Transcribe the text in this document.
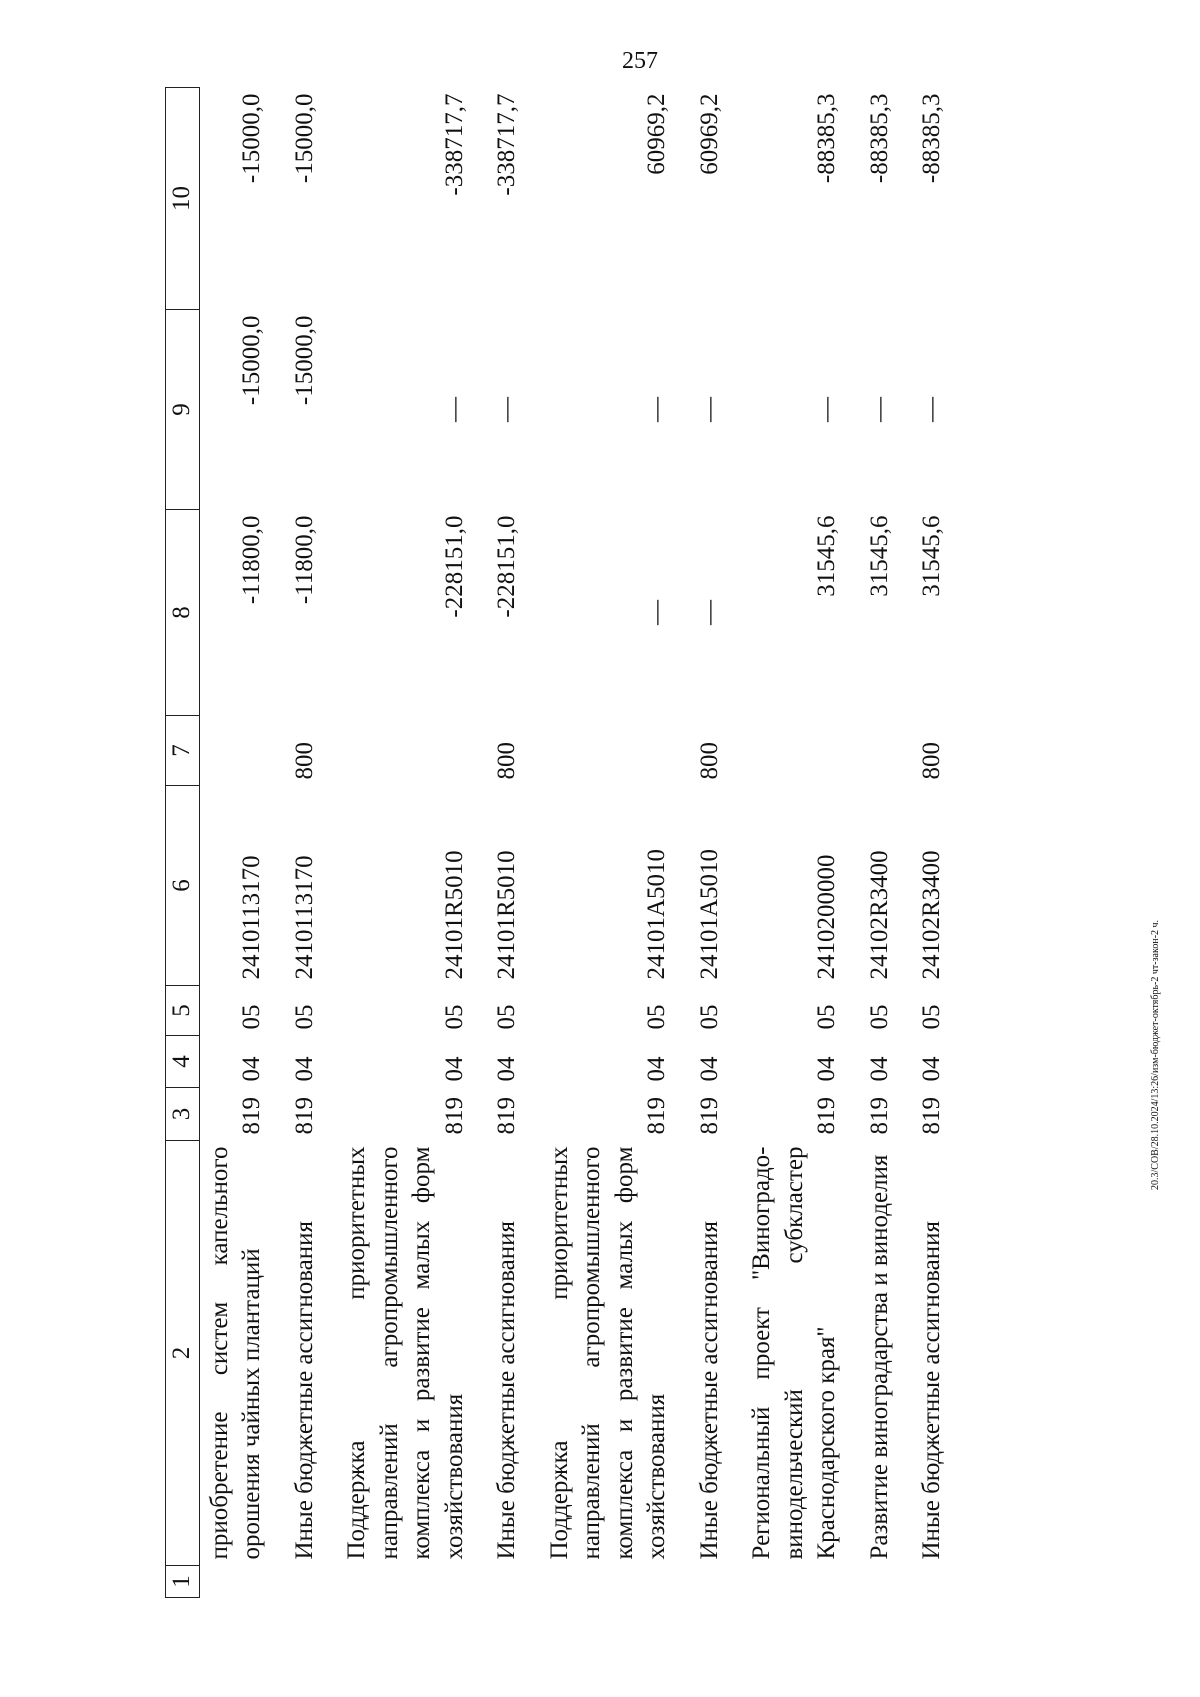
257
1	2	3	4	5	6	7	8	9	10
	приобретение систем капельного орошения чайных плантаций	819	04	05	2410113170		-11800,0	-15000,0	-15000,0
	Иные бюджетные ассигнования	819	04	05	2410113170	800	-11800,0	-15000,0	-15000,0
	Поддержка приоритетных направлений агропромышленного комплекса и развитие малых форм хозяйствования	819	04	05	24101R5010		-228151,0	—	-338717,7
	Иные бюджетные ассигнования	819	04	05	24101R5010	800	-228151,0	—	-338717,7
	Поддержка приоритетных направлений агропромышленного комплекса и развитие малых форм хозяйствования	819	04	05	24101A5010		—	—	60969,2
	Иные бюджетные ассигнования	819	04	05	24101A5010	800	—	—	60969,2
	Региональный проект "Виноградо-винодельческий субкластер Краснодарского края"	819	04	05	2410200000		31545,6	—	-88385,3
	Развитие виноградарства и виноделия	819	04	05	24102R3400		31545,6	—	-88385,3
	Иные бюджетные ассигнования	819	04	05	24102R3400	800	31545,6	—	-88385,3
20.3/СОВ/28.10.2024/13:26/изм-бюджет-октябрь-2 чт-закон-2 ч.
